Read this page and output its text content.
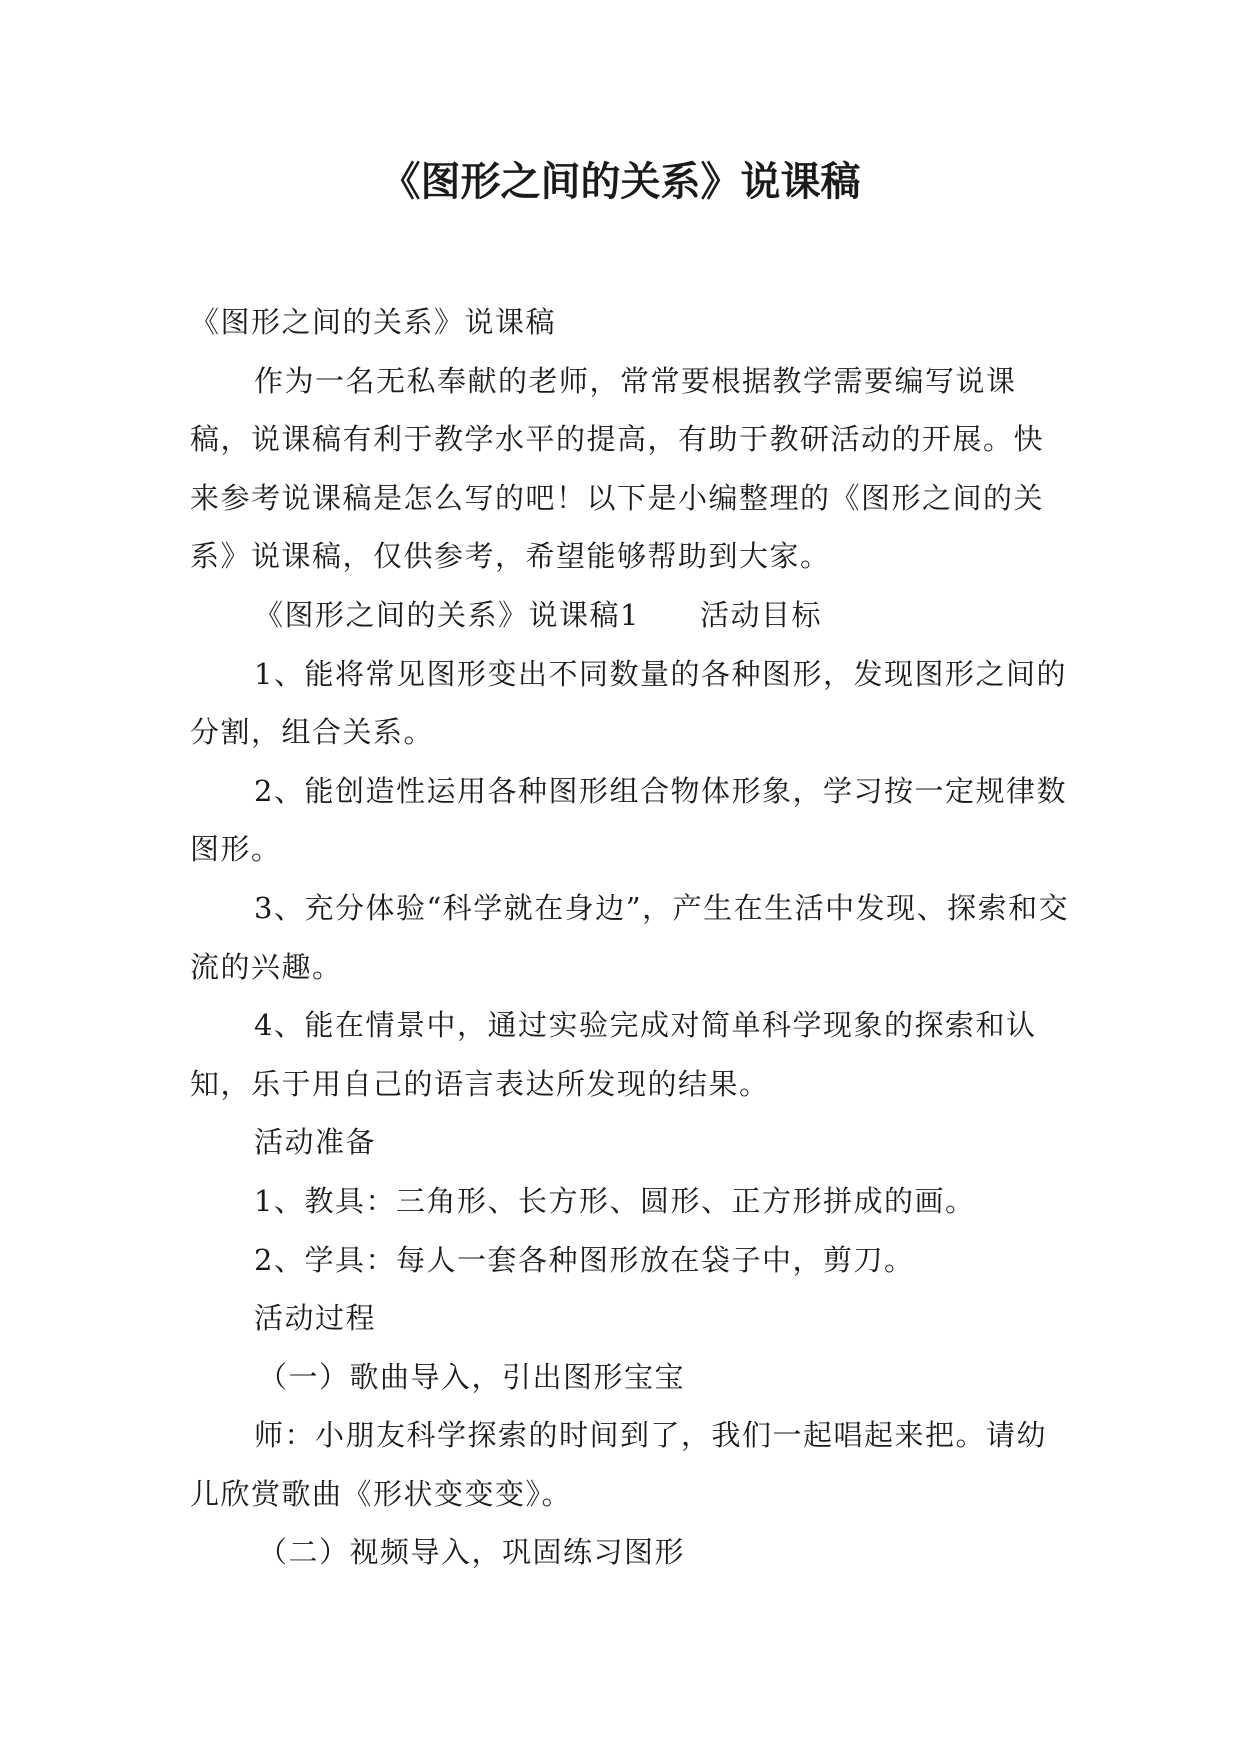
《图形之间的关系》说课稿

《图形之间的关系》说课稿

作为一名无私奉献的老师，常常要根据教学需要编写说课稿，说课稿有利于教学水平的提高，有助于教研活动的开展。快来参考说课稿是怎么写的吧！以下是小编整理的《图形之间的关系》说课稿，仅供参考，希望能够帮助到大家。

《图形之间的关系》说课稿1 活动目标

1、能将常见图形变出不同数量的各种图形，发现图形之间的分割，组合关系。

2、能创造性运用各种图形组合物体形象，学习按一定规律数图形。

3、充分体验“科学就在身边”，产生在生活中发现、探索和交流的兴趣。

4、能在情景中，通过实验完成对简单科学现象的探索和认知，乐于用自己的语言表达所发现的结果。

活动准备

1、教具：三角形、长方形、圆形、正方形拼成的画。

2、学具：每人一套各种图形放在袋子中，剪刀。

活动过程

（一）歌曲导入，引出图形宝宝

师：小朋友科学探索的时间到了，我们一起唱起来把。请幼儿欣赏歌曲《形状变变变》。

（二）视频导入，巩固练习图形
